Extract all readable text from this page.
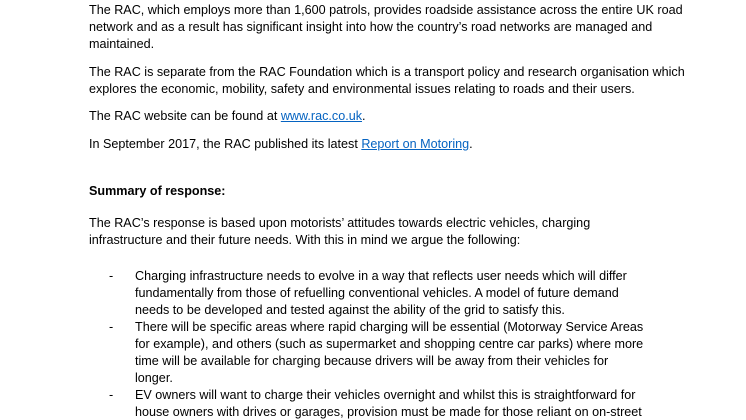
The RAC, which employs more than 1,600 patrols, provides roadside assistance across the entire UK road
network and as a result has significant insight into how the country’s road networks are managed and
maintained.
The RAC is separate from the RAC Foundation which is a transport policy and research organisation which
explores the economic, mobility, safety and environmental issues relating to roads and their users.
The RAC website can be found at www.rac.co.uk.
In September 2017, the RAC published its latest Report on Motoring.
Summary of response:
The RAC’s response is based upon motorists’ attitudes towards electric vehicles, charging
infrastructure and their future needs. With this in mind we argue the following:
- Charging infrastructure needs to evolve in a way that reflects user needs which will differ
fundamentally from those of refuelling conventional vehicles. A model of future demand
needs to be developed and tested against the ability of the grid to satisfy this.
- There will be specific areas where rapid charging will be essential (Motorway Service Areas
for example), and others (such as supermarket and shopping centre car parks) where more
time will be available for charging because drivers will be away from their vehicles for
longer.
- EV owners will want to charge their vehicles overnight and whilst this is straightforward for
house owners with drives or garages, provision must be made for those reliant on on-street
